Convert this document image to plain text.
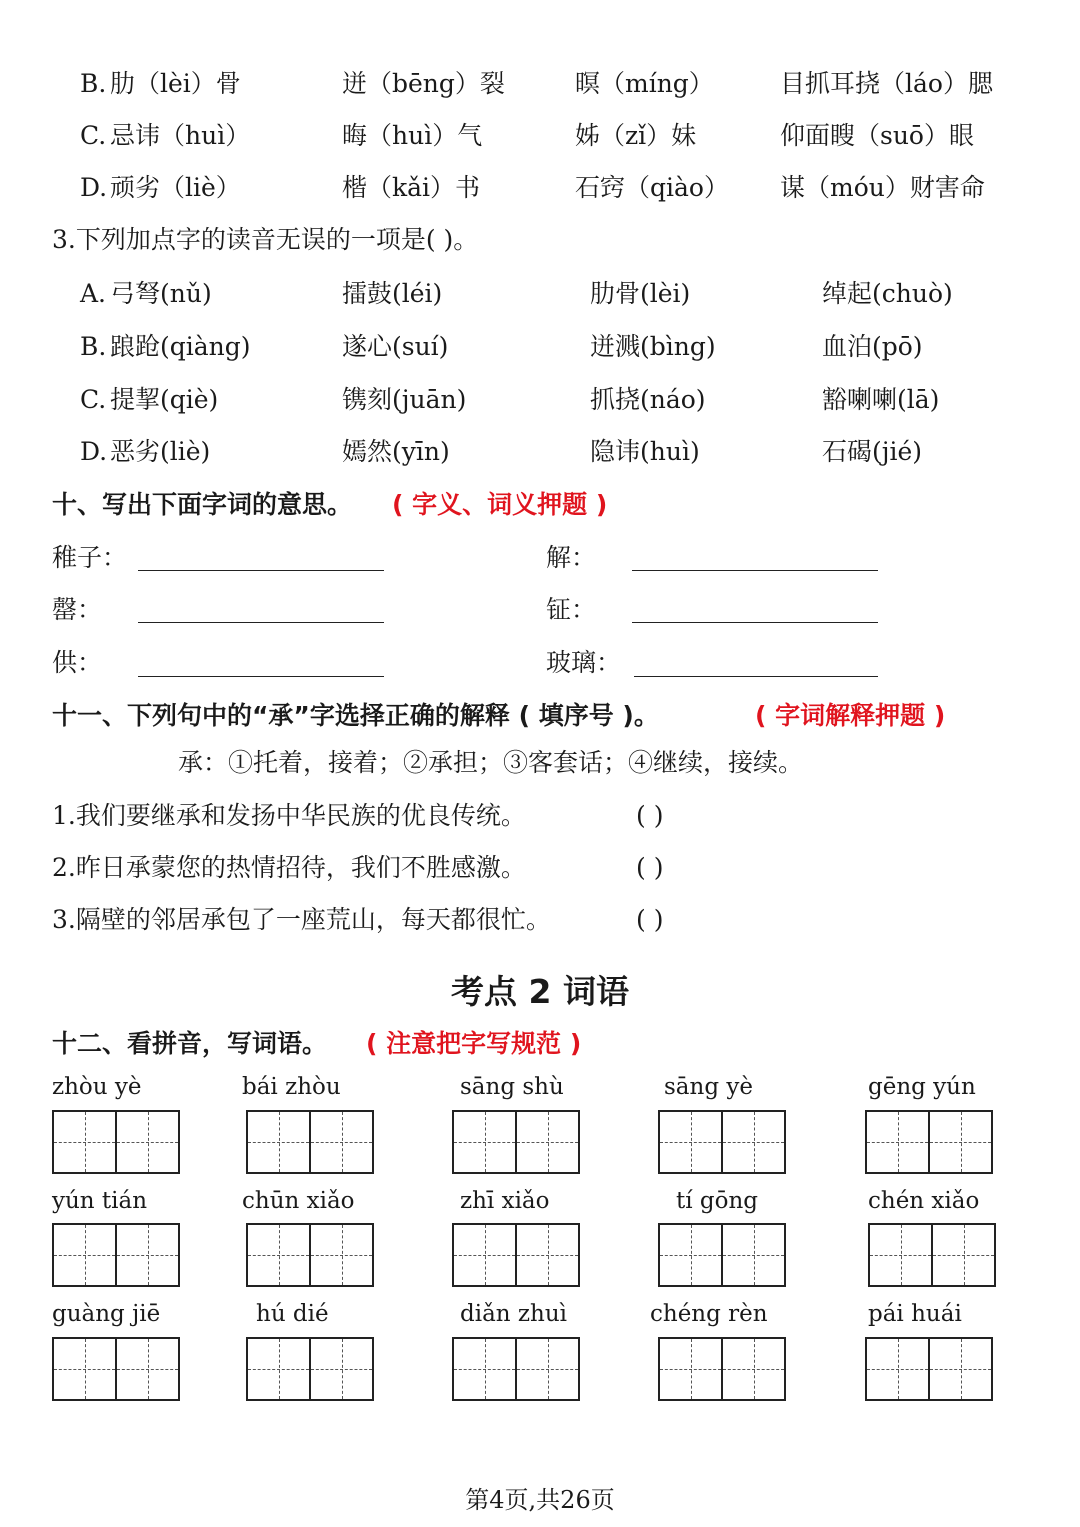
B. 肋（lèi）骨	迸（bēng）裂	暝（míng）	目抓耳挠（láo）腮
C. 忌讳（huì）	晦（huì）气	姊（zǐ）妹	仰面瞍（suō）眼
D. 顽劣（liè）	楷（kǎi）书	石窍（qiào） 谋（móu）财害命
3.下列加点字的读音无误的一项是( )。
A. 弓弩(nǔ)	擂鼓(léi)	肋骨(lèi)	绰起(chuò)
B. 踉跄(qiàng)	遂心(suí)	迸溅(bìng)	血泊(pō)
C. 提挈(qiè)	镌刻(juān)	抓挠(náo)	豁喇喇(lā)
D. 恶劣(liè)	嫣然(yīn)	隐讳(huì)	石碣(jié)
十、写出下面字词的意思。 ( 字义、词义押题 )
稚子：	解：
罄：	钲：
供：	玻璃：
十一、下列句中的“承”字选择正确的解释 ( 填序号 )。	( 字词解释押题 )
承：①托着，接着；②承担；③客套话；④继续，接续。
1.我们要继承和发扬中华民族的优良传统。	( )
2.昨日承蒙您的热情招待，我们不胜感激。	( )
3.隔壁的邻居承包了一座荒山，每天都很忙。	( )
考点 2 词语
十二、看拼音，写词语。 ( 注意把字写规范 )
zhòu yè	bái zhòu	sāng shù	sāng yè	gēng yún
yún tián	chūn xiǎo	zhī xiǎo	tí gōng	chén xiǎo
guàng jiē	hú dié	diǎn zhuì	chéng rèn	pái huái
第4页,共26页
